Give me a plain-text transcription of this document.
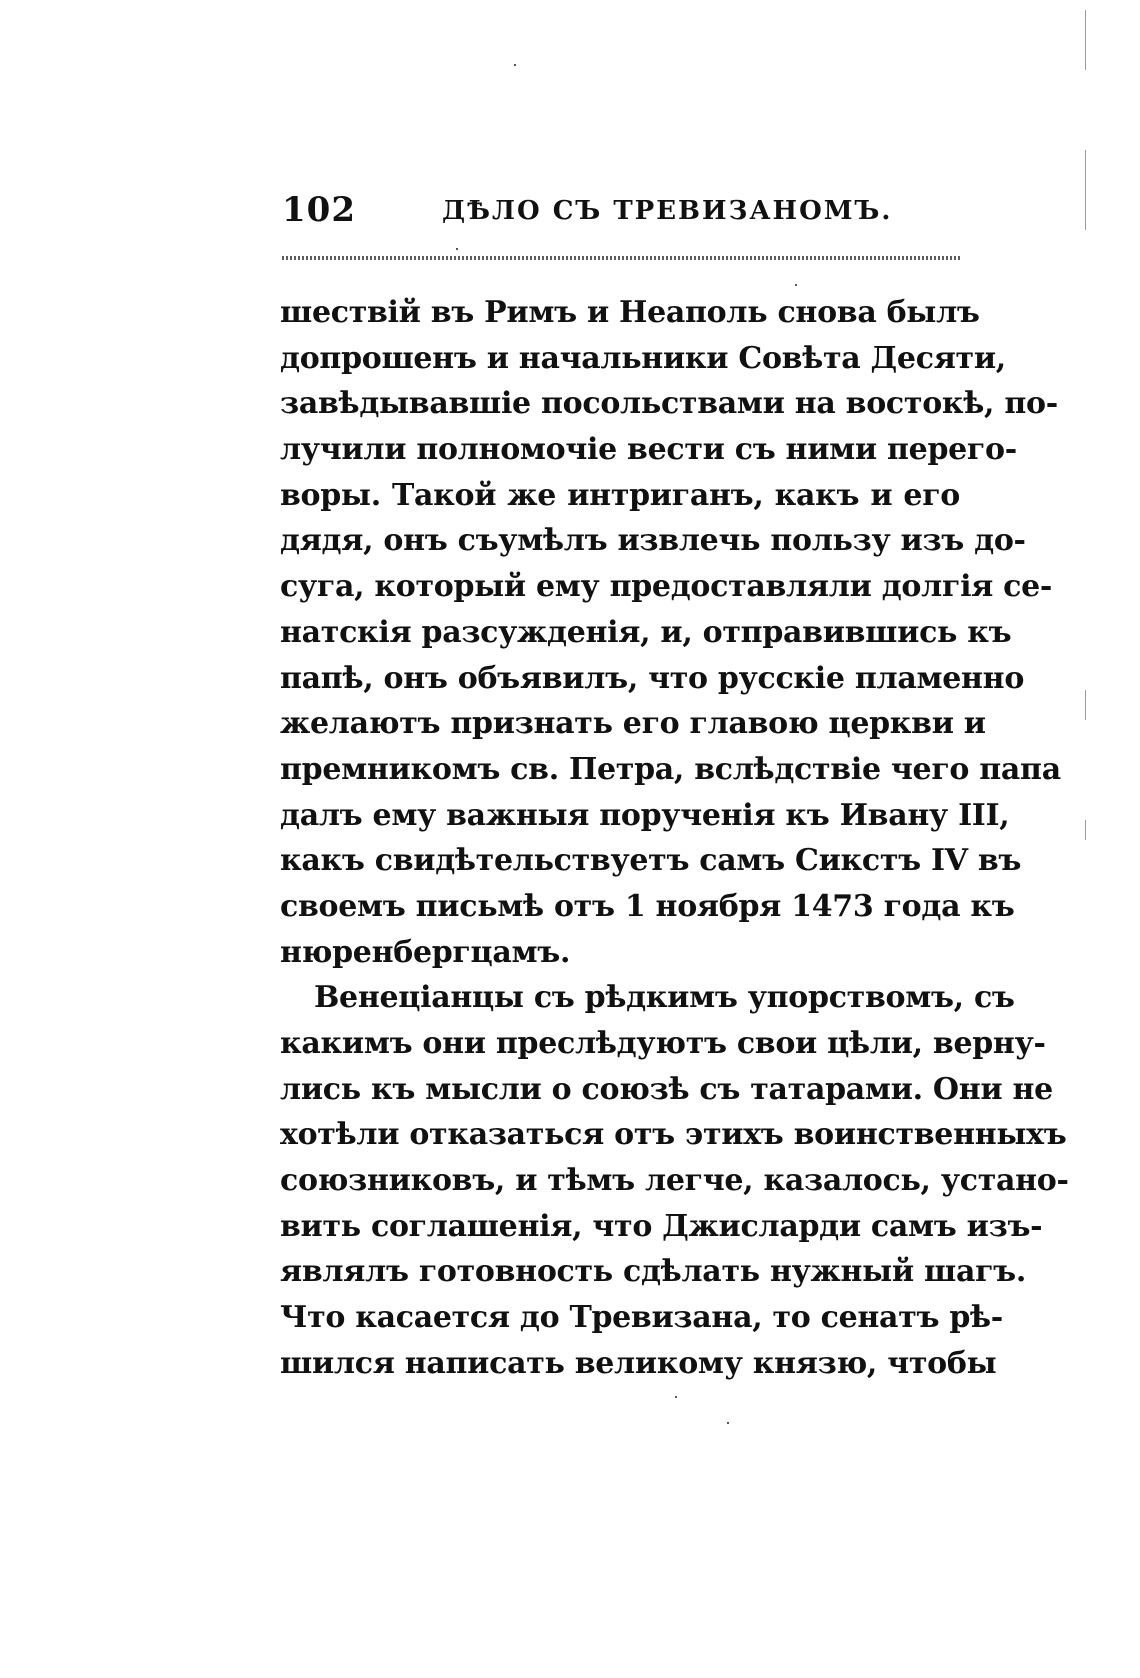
102	ДѢЛО СЪ ТРЕВИЗАНОМЪ.
шествій въ Римъ и Неаполь снова былъ
допрошенъ и начальники Совѣта Десяти,
завѣдывавшіе посольствами на востокѣ, по-
лучили полномочіе вести съ ними перего-
воры. Такой же интриганъ, какъ и его
дядя, онъ съумѣлъ извлечь пользу изъ до-
суга, который ему предоставляли долгія се-
натскія разсужденія, и, отправившись къ
папѣ, онъ объявилъ, что русскіе пламенно
желаютъ признать его главою церкви и
премникомъ св. Петра, вслѣдствіе чего папа
далъ ему важныя порученія къ Ивану III,
какъ свидѣтельствуетъ самъ Сикстъ IV въ
своемъ письмѣ отъ 1 ноября 1473 года къ
нюренбергцамъ.
Венеціанцы съ рѣдкимъ упорствомъ, съ
какимъ они преслѣдуютъ свои цѣли, верну-
лись къ мысли о союзѣ съ татарами. Они не
хотѣли отказаться отъ этихъ воинственныхъ
союзниковъ, и тѣмъ легче, казалось, устано-
вить соглашенія, что Джисларди самъ изъ-
являлъ готовность сдѣлать нужный шагъ.
Что касается до Тревизана, то сенатъ рѣ-
шился написать великому князю, чтобы
